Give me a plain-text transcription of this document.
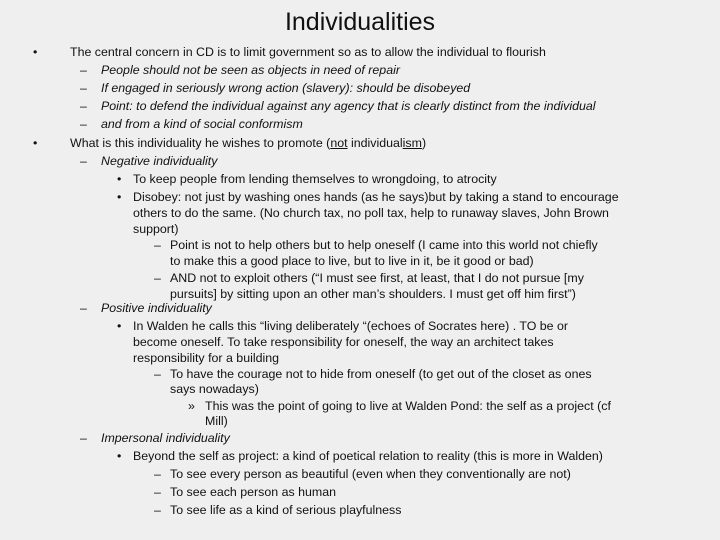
Individualities
•	The central concern in CD is to limit government so as to allow the individual to flourish
– People should not be seen as objects in need of repair
– If engaged in seriously wrong action (slavery): should be disobeyed
– Point: to defend the individual against any agency that is clearly distinct from the individual
– and from a kind of social conformism
•	What is this individuality he wishes to promote (not individualism)
– Negative individuality
• To keep people from lending themselves to wrongdoing, to atrocity
• Disobey: not just by washing ones hands (as he says)but by taking a stand to encourage
others to do the same. (No church tax, no poll tax, help to runaway slaves, John Brown
support)
– Point is not to help others but to help oneself (I came into this world not chiefly
to make this a good place to live, but to live in it, be it good or bad)
– AND not to exploit others (“I must see first, at least, that I do not pursue [my
pursuits] by sitting upon an other man’s shoulders. I must get off him first”)
– Positive individuality
• In Walden he calls this “living deliberately “(echoes of Socrates here) . TO be or
become oneself. To take responsibility for oneself, the way an architect takes
responsibility for a building
– To have the courage not to hide from oneself (to get out of the closet as ones
says nowadays)
» This was the point of going to live at Walden Pond: the self as a project (cf
Mill)
– Impersonal individuality
• Beyond the self as project: a kind of poetical relation to reality (this is more in Walden)
– To see every person as beautiful (even when they conventionally are not)
– To see each person as human
– To see life as a kind of serious playfulness
